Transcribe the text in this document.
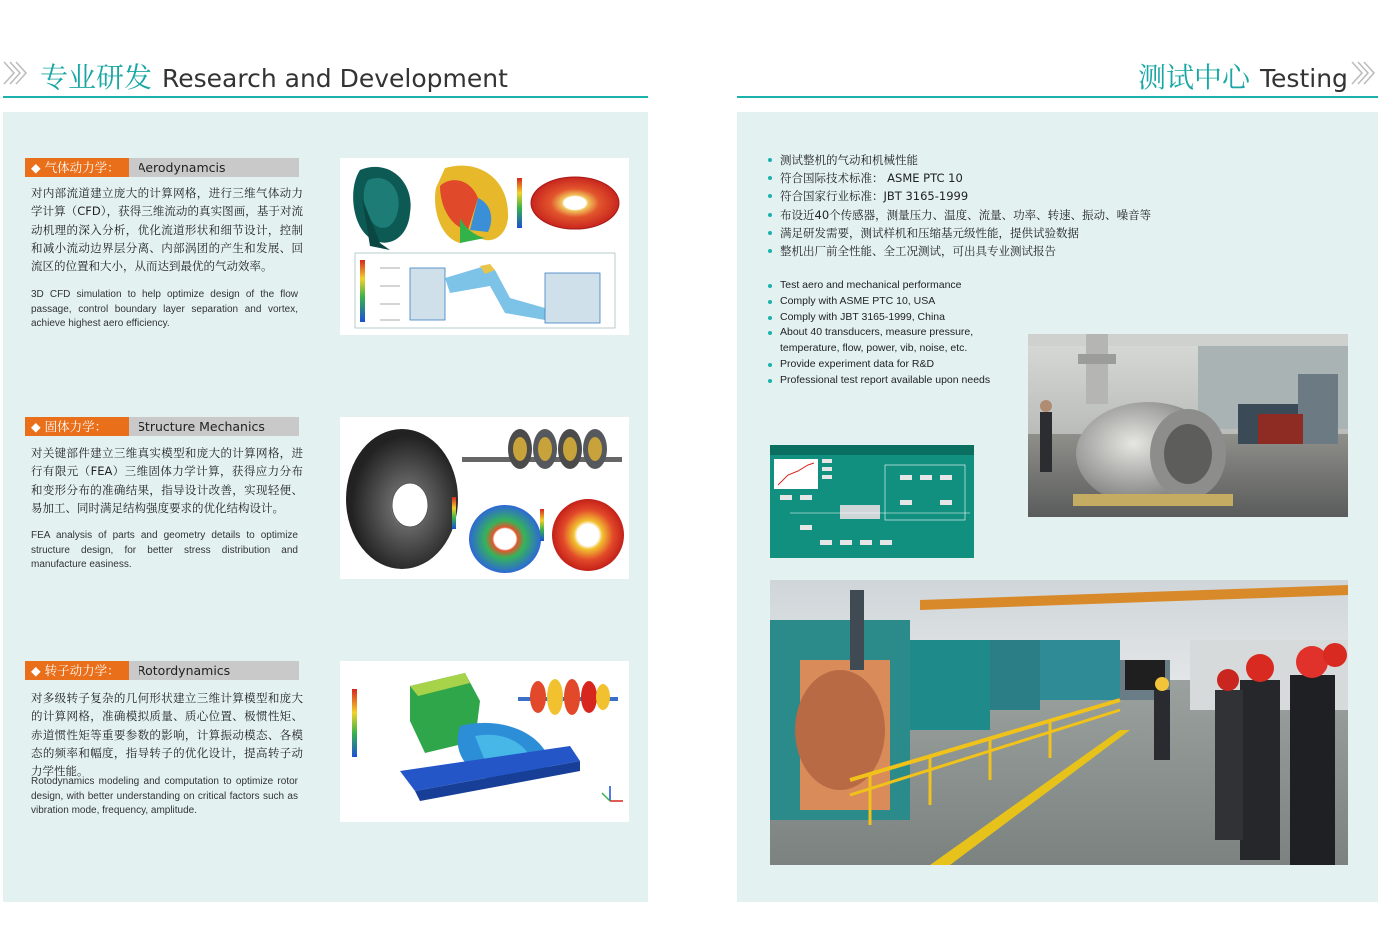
专业研发 Research and Development	测试中心 Testing
◆ 气体动力学：	Aerodynamcis
对内部流道建立庞大的计算网格，进行三维气体动力学计算（CFD），获得三维流动的真实图画，基于对流动机理的深入分析，优化流道形状和细节设计，控制和减小流动边界层分离、内部涡团的产生和发展、回流区的位置和大小，从而达到最优的气动效率。
3D CFD simulation to help optimize design of the flow passage, control boundary layer separation and vortex, achieve highest aero efficiency.
◆ 固体力学：	Structure Mechanics
对关键部件建立三维真实模型和庞大的计算网格，进行有限元（FEA）三维固体力学计算，获得应力分布和变形分布的准确结果，指导设计改善，实现轻便、易加工、同时满足结构强度要求的优化结构设计。
FEA analysis of parts and geometry details to optimize structure design, for better stress distribution and manufacture easiness.
◆ 转子动力学：	Rotordynamics
对多级转子复杂的几何形状建立三维计算模型和庞大的计算网格，准确模拟质量、质心位置、极惯性矩、赤道惯性矩等重要参数的影响，计算振动模态、各模态的频率和幅度，指导转子的优化设计，提高转子动力学性能。
Rotodynamics modeling and computation to optimize rotor design, with better understanding on critical factors such as vibration mode, frequency, amplitude.
测试整机的气动和机械性能
符合国际技术标准： ASME PTC 10
符合国家行业标准：JBT 3165-1999
布设近40个传感器，测量压力、温度、流量、功率、转速、振动、噪音等
满足研发需要，测试样机和压缩基元级性能，提供试验数据
整机出厂前全性能、全工况测试，可出具专业测试报告
Test aero and mechanical performance
Comply with ASME PTC 10, USA
Comply with JBT 3165-1999, China
About 40 transducers, measure pressure, temperature, flow, power, vib, noise, etc.
Provide experiment data for R&D
Professional test report available upon needs
